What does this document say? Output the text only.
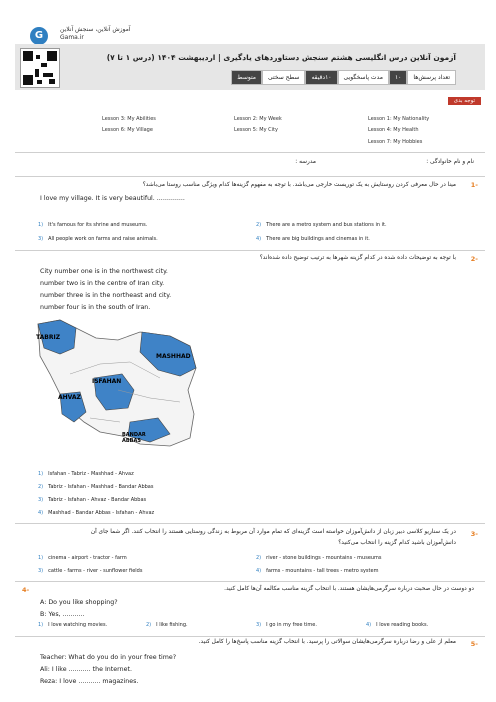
G
آموزش آنلاین، سنجش آنلاین
Gama.ir
آزمون آنلاین درس انگلیسی هشتم سنجش دستاوردهای یادگیری | اردیبهشت ۱۴۰۴ (درس ۱ تا ۷)
تعداد پرسش‌ها
۱۰
مدت پاسخگویی
۱۰دقیقه
سطح سختی
متوسط
توجه بدی
Lesson 1: My Nationality
Lesson 2: My Week
Lesson 3: My Abilities
Lesson 4: My Health
Lesson 5: My City
Lesson 6: My Village
Lesson 7: My Hobbies
نام و نام خانوادگی :
مدرسه :
1-
مینا در حال معرفی کردن روستایش به یک توریست خارجی می‌باشد. با توجه به مفهوم گزینه‌ها کدام ویژگی مناسب روستا می‌باشد؟
I love my village. It is very beautiful. ..............
1) It's famous for its shrine and museums.	2) There are a metro system and bus stations in it.
3) All people work on farms and raise animals.	4) There are big buildings and cinemas in it.
2-
با توجه به توضیحات داده شده در کدام گزینه شهرها به ترتیب توضیح داده شده‌اند؟
City number one is in the northwest city.
number two is in the centre of Iran city.
number three is in the northeast and city.
number four is in the south of Iran.
TABRIZ
MASHHAD
ISFAHAN
AHVAZ
BANDAR ABBAS
1) Isfahan - Tabriz - Mashhad - Ahvaz
2) Tabriz - Isfahan - Mashhad - Bandar Abbas
3) Tabriz - Isfahan - Ahvaz - Bandar Abbas
4) Mashhad - Bandar Abbas - Isfahan - Ahvaz
3-
در یک سناریو کلاسی دبیر زبان از دانش‌آموزان خواسته است گزینه‌ای که تمام موارد آن مربوط به زندگی روستایی هستند را انتخاب کنند. اگر شما جای آن
دانش‌آموزان باشید کدام گزینه را انتخاب می‌کنید؟
1) cinema - airport - tractor - farm	2) river - stone buildings - mountains - museums
3) cattle - farms - river - sunflower fields	4) farms - mountains - tall trees - metro system
4-	دو دوست در حال صحبت درباره سرگرمی‌هایشان هستند. با انتخاب گزینه مناسب مکالمه آن‌ها کامل کنید.
A: Do you like shopping?
B: Yes, ...........
1) I love watching movies.	2) I like fishing.	3) I go in my free time.	4) I love reading books.
5-
معلم از علی و رضا درباره سرگرمی‌هایشان سوالاتی را پرسید. با انتخاب گزینه مناسب پاسخ‌ها را کامل کنید.
Teacher: What do you do in your free time?
Ali: I like ........... the Internet.
Reza: I love ........... magazines.
